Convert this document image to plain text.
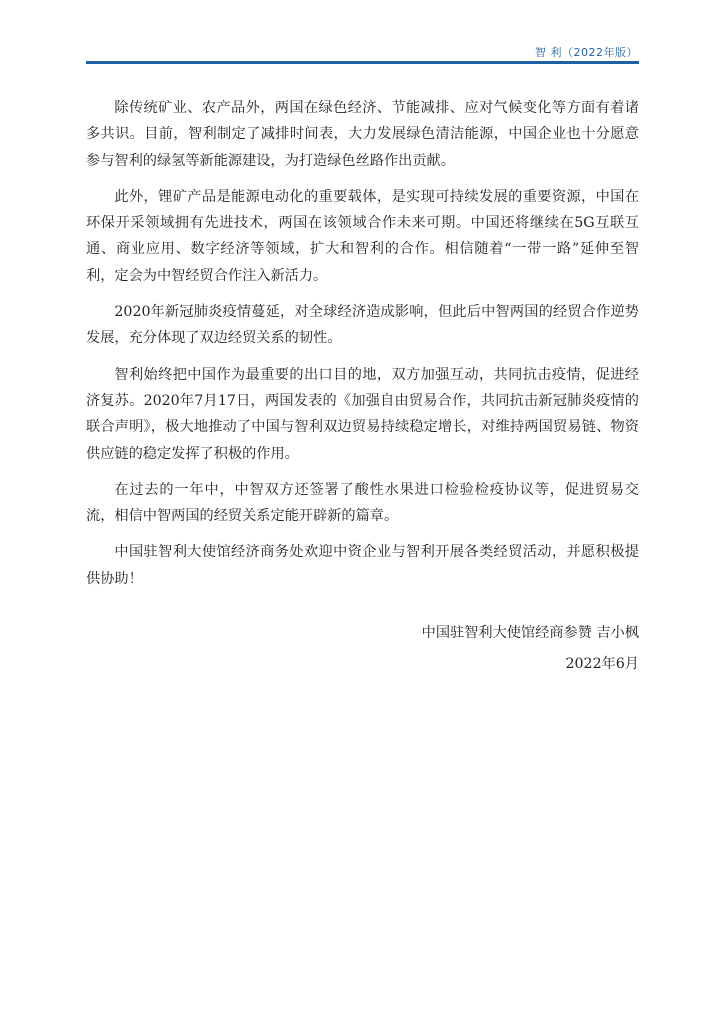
智 利（2022年版）

除传统矿业、农产品外，两国在绿色经济、节能减排、应对气候变化等方面有着诸多共识。目前，智利制定了减排时间表，大力发展绿色清洁能源，中国企业也十分愿意参与智利的绿氢等新能源建设，为打造绿色丝路作出贡献。

此外，锂矿产品是能源电动化的重要载体，是实现可持续发展的重要资源，中国在环保开采领域拥有先进技术，两国在该领域合作未来可期。中国还将继续在5G互联互通、商业应用、数字经济等领域，扩大和智利的合作。相信随着“一带一路”延伸至智利，定会为中智经贸合作注入新活力。

2020年新冠肺炎疫情蔓延，对全球经济造成影响，但此后中智两国的经贸合作逆势发展，充分体现了双边经贸关系的韧性。

智利始终把中国作为最重要的出口目的地，双方加强互动，共同抗击疫情，促进经济复苏。2020年7月17日，两国发表的《加强自由贸易合作，共同抗击新冠肺炎疫情的联合声明》，极大地推动了中国与智利双边贸易持续稳定增长，对维持两国贸易链、物资供应链的稳定发挥了积极的作用。

在过去的一年中，中智双方还签署了酸性水果进口检验检疫协议等，促进贸易交流，相信中智两国的经贸关系定能开辟新的篇章。

中国驻智利大使馆经济商务处欢迎中资企业与智利开展各类经贸活动，并愿积极提供协助！

中国驻智利大使馆经商参赞 吉小枫
2022年6月
